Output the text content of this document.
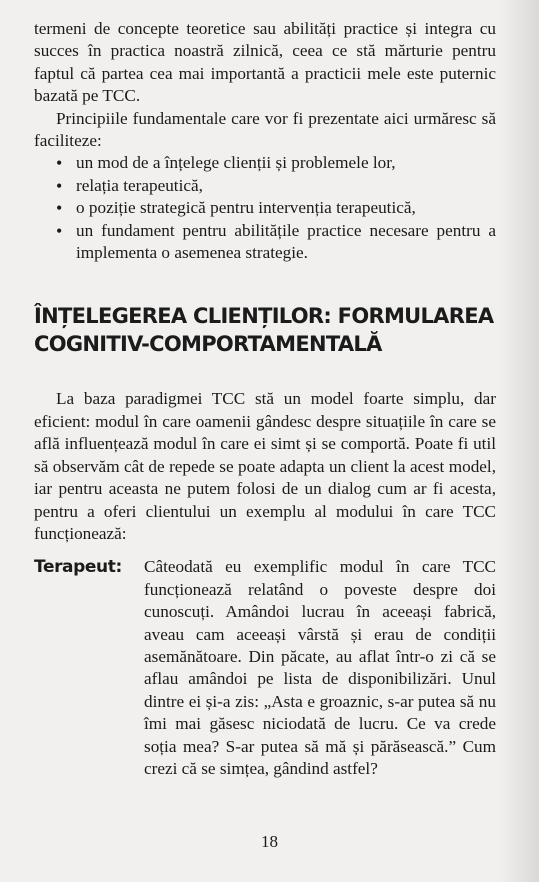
termeni de concepte teoretice sau abilități practice și integra cu succes în practica noastră zilnică, ceea ce stă mărturie pentru faptul că partea cea mai importantă a practicii mele este puternic bazată pe TCC.

Principiile fundamentale care vor fi prezentate aici urmăresc să faciliteze:

• un mod de a înțelege clienții și problemele lor,
• relația terapeutică,
• o poziție strategică pentru intervenția terapeutică,
• un fundament pentru abilitățile practice necesare pentru a implementa o asemenea strategie.
ÎNȚELEGEREA CLIENȚILOR: FORMULAREA COGNITIV-COMPORTAMENTALĂ

La baza paradigmei TCC stă un model foarte simplu, dar eficient: modul în care oamenii gândesc despre situațiile în care se află influențează modul în care ei simt și se comportă. Poate fi util să observăm cât de repede se poate adapta un client la acest model, iar pentru aceasta ne putem folosi de un dialog cum ar fi acesta, pentru a oferi clientului un exemplu al modului în care TCC funcționează:

Terapeut:	Câteodată eu exemplific modul în care TCC funcționează relatând o poveste despre doi cunoscuți. Amândoi lucrau în aceeași fabrică, aveau cam aceeași vârstă și erau de condiții asemănătoare. Din păcate, au aflat într-o zi că se aflau amândoi pe lista de disponibilizări. Unul dintre ei și-a zis: „Asta e groaznic, s-ar putea să nu îmi mai găsesc niciodată de lucru. Ce va crede soția mea? S-ar putea să mă și părăsească.” Cum crezi că se simțea, gândind astfel?
18
